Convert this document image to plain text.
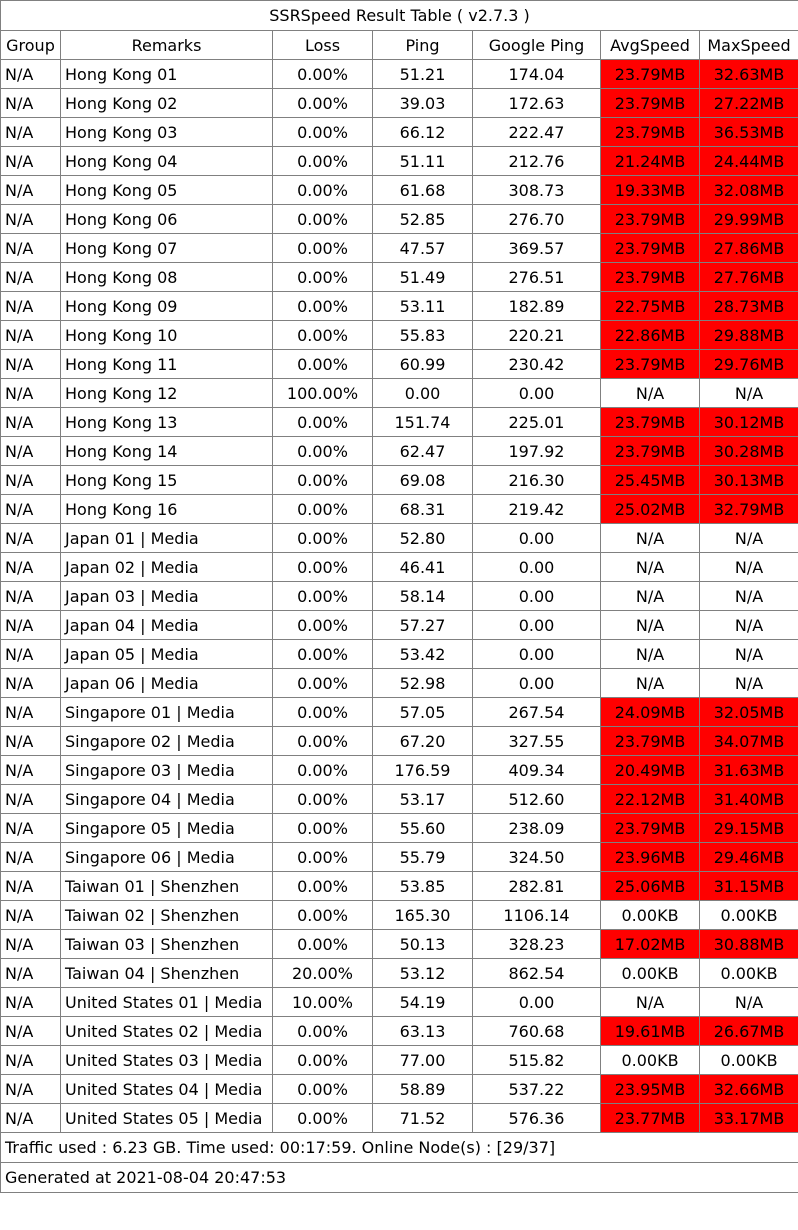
SSRSpeed Result Table ( v2.7.3 )						
Group	Remarks	Loss	Ping	Google Ping	AvgSpeed	MaxSpeed
N/A	Hong Kong 01	0.00%	51.21	174.04	23.79MB	32.63MB
N/A	Hong Kong 02	0.00%	39.03	172.63	23.79MB	27.22MB
N/A	Hong Kong 03	0.00%	66.12	222.47	23.79MB	36.53MB
N/A	Hong Kong 04	0.00%	51.11	212.76	21.24MB	24.44MB
N/A	Hong Kong 05	0.00%	61.68	308.73	19.33MB	32.08MB
N/A	Hong Kong 06	0.00%	52.85	276.70	23.79MB	29.99MB
N/A	Hong Kong 07	0.00%	47.57	369.57	23.79MB	27.86MB
N/A	Hong Kong 08	0.00%	51.49	276.51	23.79MB	27.76MB
N/A	Hong Kong 09	0.00%	53.11	182.89	22.75MB	28.73MB
N/A	Hong Kong 10	0.00%	55.83	220.21	22.86MB	29.88MB
N/A	Hong Kong 11	0.00%	60.99	230.42	23.79MB	29.76MB
N/A	Hong Kong 12	100.00%	0.00	0.00	N/A	N/A
N/A	Hong Kong 13	0.00%	151.74	225.01	23.79MB	30.12MB
N/A	Hong Kong 14	0.00%	62.47	197.92	23.79MB	30.28MB
N/A	Hong Kong 15	0.00%	69.08	216.30	25.45MB	30.13MB
N/A	Hong Kong 16	0.00%	68.31	219.42	25.02MB	32.79MB
N/A	Japan 01 | Media	0.00%	52.80	0.00	N/A	N/A
N/A	Japan 02 | Media	0.00%	46.41	0.00	N/A	N/A
N/A	Japan 03 | Media	0.00%	58.14	0.00	N/A	N/A
N/A	Japan 04 | Media	0.00%	57.27	0.00	N/A	N/A
N/A	Japan 05 | Media	0.00%	53.42	0.00	N/A	N/A
N/A	Japan 06 | Media	0.00%	52.98	0.00	N/A	N/A
N/A	Singapore 01 | Media	0.00%	57.05	267.54	24.09MB	32.05MB
N/A	Singapore 02 | Media	0.00%	67.20	327.55	23.79MB	34.07MB
N/A	Singapore 03 | Media	0.00%	176.59	409.34	20.49MB	31.63MB
N/A	Singapore 04 | Media	0.00%	53.17	512.60	22.12MB	31.40MB
N/A	Singapore 05 | Media	0.00%	55.60	238.09	23.79MB	29.15MB
N/A	Singapore 06 | Media	0.00%	55.79	324.50	23.96MB	29.46MB
N/A	Taiwan 01 | Shenzhen	0.00%	53.85	282.81	25.06MB	31.15MB
N/A	Taiwan 02 | Shenzhen	0.00%	165.30	1106.14	0.00KB	0.00KB
N/A	Taiwan 03 | Shenzhen	0.00%	50.13	328.23	17.02MB	30.88MB
N/A	Taiwan 04 | Shenzhen	20.00%	53.12	862.54	0.00KB	0.00KB
N/A	United States 01 | Media	10.00%	54.19	0.00	N/A	N/A
N/A	United States 02 | Media	0.00%	63.13	760.68	19.61MB	26.67MB
N/A	United States 03 | Media	0.00%	77.00	515.82	0.00KB	0.00KB
N/A	United States 04 | Media	0.00%	58.89	537.22	23.95MB	32.66MB
N/A	United States 05 | Media	0.00%	71.52	576.36	23.77MB	33.17MB
Traffic used : 6.23 GB. Time used: 00:17:59. Online Node(s) : [29/37]						
Generated at 2021-08-04 20:47:53						
